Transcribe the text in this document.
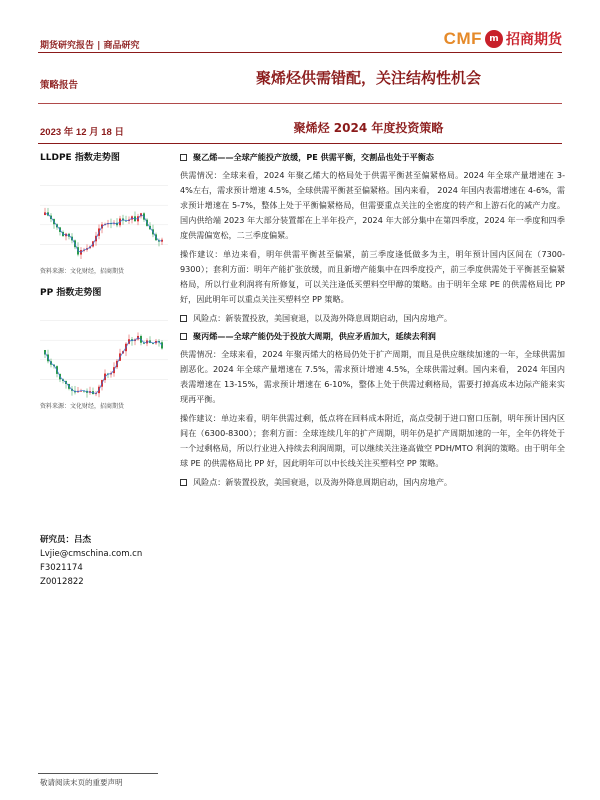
期货研究报告 | 商品研究	CMF m 招商期货
策略报告	聚烯烃供需错配，关注结构性机会
2023 年 12 月 18 日	聚烯烃 2024 年度投资策略
LLDPE 指数走势图
资料来源：文化财经，招商期货
PP 指数走势图
资料来源：文化财经，招商期货
研究员：吕杰
Lvjie@cmschina.com.cn
F3021174
Z0012822
聚乙烯——全球产能投产放缓，PE 供需平衡，交割品也处于平衡态

供需情况：全球来看，2024 年聚乙烯大的格局处于供需平衡甚至偏紧格局。2024 年全球产量增速在 3-4%左右，需求预计增速 4.5%，全球供需平衡甚至偏紧格。国内来看， 2024 年国内表需增速在 4-6%，需求预计增速在 5-7%，整体上处于平衡偏紧格局，但需要重点关注的全密度的转产和上游石化的减产力度。国内供给端 2023 年大部分装置都在上半年投产，2024 年大部分集中在第四季度，2024 年一季度和四季度供需偏宽松，二三季度偏紧。

操作建议：单边来看，明年供需平衡甚至偏紧，前三季度逢低做多为主，明年预计国内区间在（7300-9300）；套利方面：明年产能扩张放缓，而且新增产能集中在四季度投产，前三季度供需处于平衡甚至偏紧格局，所以行业利润将有所修复，可以关注逢低买塑料空甲醇的策略。由于明年全球 PE 的供需格局比 PP 好，因此明年可以重点关注买塑料空 PP 策略。

风险点：新装置投放，美国衰退，以及海外降息周期启动，国内房地产。
聚丙烯——全球产能仍处于投放大周期，供应矛盾加大，延续去利润

供需情况：全球来看，2024 年聚丙烯大的格局仍处于扩产周期，而且是供应继续加速的一年，全球供需加剧恶化。2024 年全球产量增速在 7.5%，需求预计增速 4.5%，全球供需过剩。国内来看， 2024 年国内表需增速在 13-15%，需求预计增速在 6-10%，整体上处于供需过剩格局，需要打掉高成本边际产能来实现再平衡。

操作建议：单边来看，明年供需过剩，低点将在回料成本附近，高点受制于进口窗口压制，明年预计国内区间在（6300-8300）；套利方面：全球连续几年的扩产周期，明年仍是扩产周期加速的一年，全年仍将处于一个过剩格局，所以行业进入持续去利润周期，可以继续关注逢高做空 PDH/MTO 利润的策略。由于明年全球 PE 的供需格局比 PP 好，因此明年可以中长线关注买塑料空 PP 策略。

风险点：新装置投放，美国衰退，以及海外降息周期启动，国内房地产。
敬请阅读末页的重要声明
